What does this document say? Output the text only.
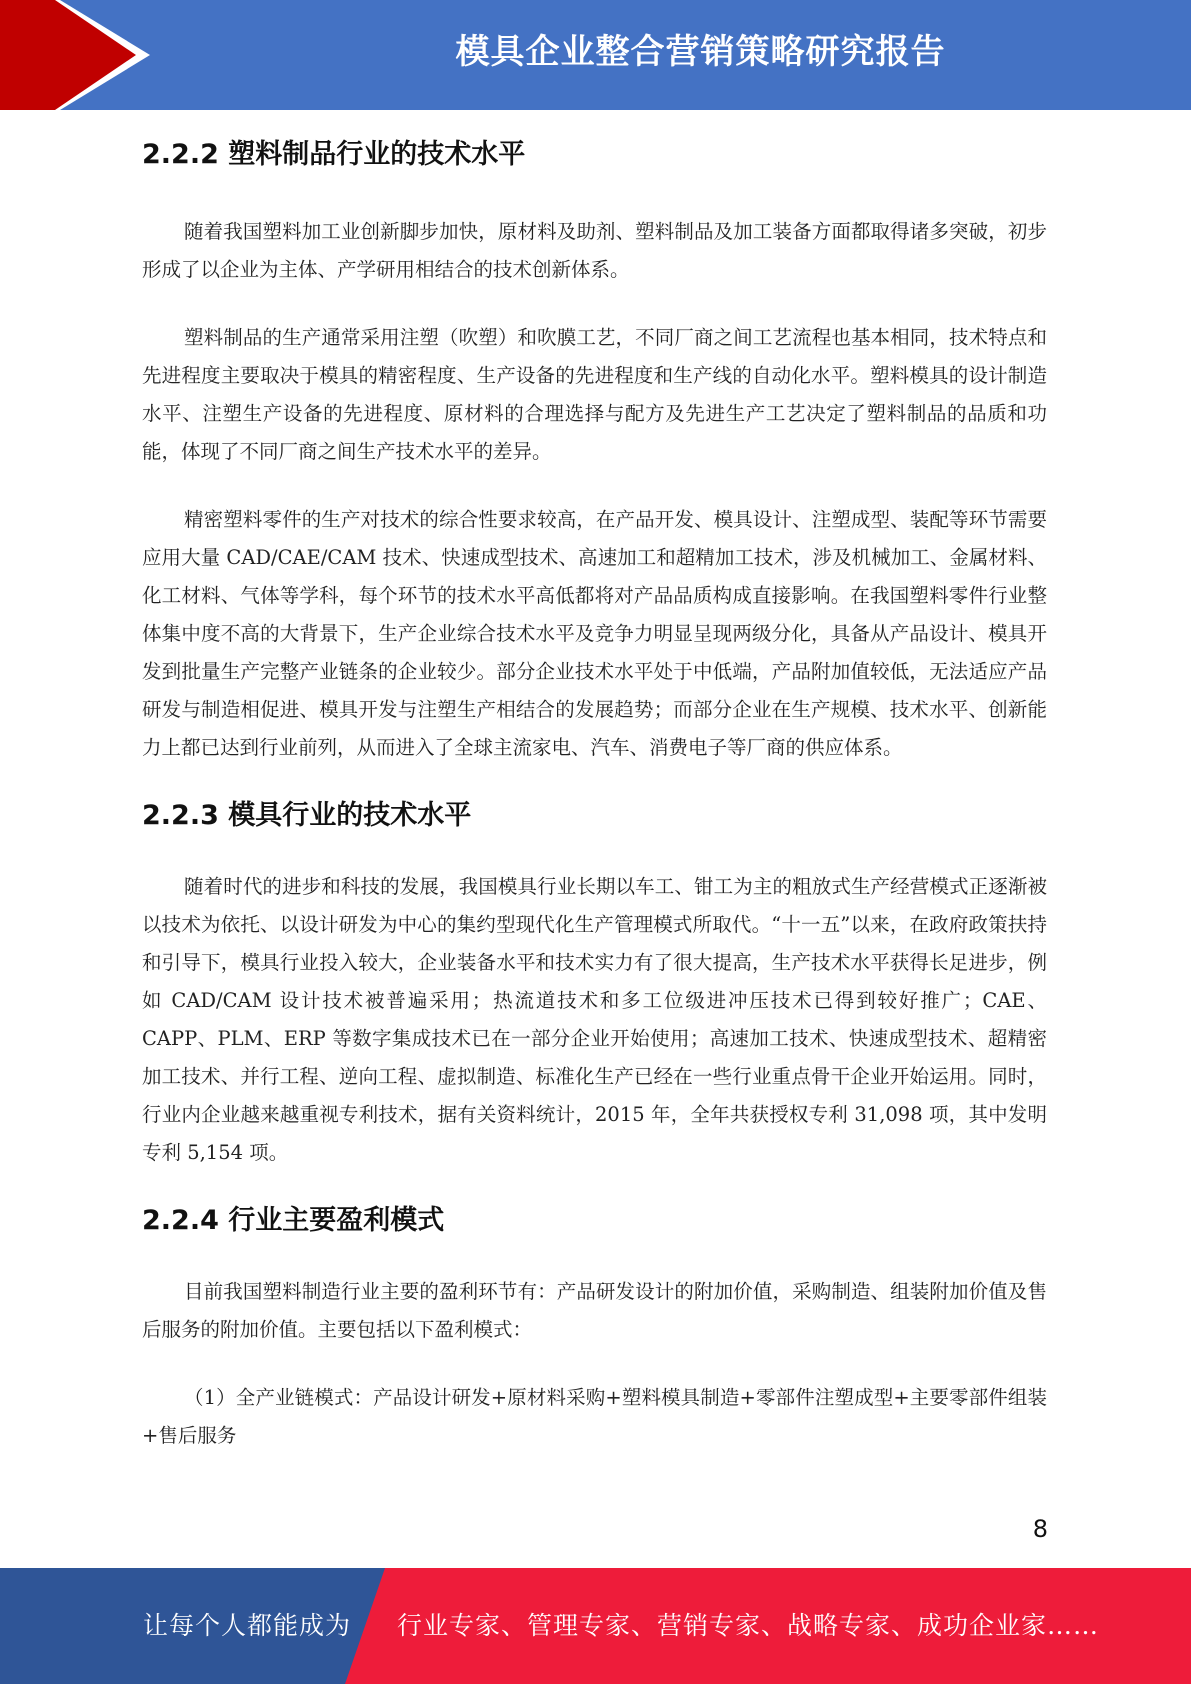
模具企业整合营销策略研究报告
2.2.2 塑料制品行业的技术水平

随着我国塑料加工业创新脚步加快，原材料及助剂、塑料制品及加工装备方面都取得诸多突破，初步形成了以企业为主体、产学研用相结合的技术创新体系。

塑料制品的生产通常采用注塑（吹塑）和吹膜工艺，不同厂商之间工艺流程也基本相同，技术特点和先进程度主要取决于模具的精密程度、生产设备的先进程度和生产线的自动化水平。塑料模具的设计制造水平、注塑生产设备的先进程度、原材料的合理选择与配方及先进生产工艺决定了塑料制品的品质和功能，体现了不同厂商之间生产技术水平的差异。

精密塑料零件的生产对技术的综合性要求较高，在产品开发、模具设计、注塑成型、装配等环节需要应用大量 CAD/CAE/CAM 技术、快速成型技术、高速加工和超精加工技术，涉及机械加工、金属材料、化工材料、气体等学科，每个环节的技术水平高低都将对产品品质构成直接影响。在我国塑料零件行业整体集中度不高的大背景下，生产企业综合技术水平及竞争力明显呈现两级分化，具备从产品设计、模具开发到批量生产完整产业链条的企业较少。部分企业技术水平处于中低端，产品附加值较低，无法适应产品研发与制造相促进、模具开发与注塑生产相结合的发展趋势；而部分企业在生产规模、技术水平、创新能力上都已达到行业前列，从而进入了全球主流家电、汽车、消费电子等厂商的供应体系。

2.2.3 模具行业的技术水平

随着时代的进步和科技的发展，我国模具行业长期以车工、钳工为主的粗放式生产经营模式正逐渐被以技术为依托、以设计研发为中心的集约型现代化生产管理模式所取代。“十一五”以来，在政府政策扶持和引导下，模具行业投入较大，企业装备水平和技术实力有了很大提高，生产技术水平获得长足进步，例如 CAD/CAM 设计技术被普遍采用；热流道技术和多工位级进冲压技术已得到较好推广；CAE、CAPP、PLM、ERP 等数字集成技术已在一部分企业开始使用；高速加工技术、快速成型技术、超精密加工技术、并行工程、逆向工程、虚拟制造、标准化生产已经在一些行业重点骨干企业开始运用。同时，行业内企业越来越重视专利技术，据有关资料统计，2015 年，全年共获授权专利 31,098 项，其中发明专利 5,154 项。

2.2.4 行业主要盈利模式

目前我国塑料制造行业主要的盈利环节有：产品研发设计的附加价值，采购制造、组装附加价值及售后服务的附加价值。主要包括以下盈利模式：

（1）全产业链模式：产品设计研发+原材料采购+塑料模具制造+零部件注塑成型+主要零部件组装+售后服务

8
让每个人都能成为 行业专家、管理专家、营销专家、战略专家、成功企业家……
